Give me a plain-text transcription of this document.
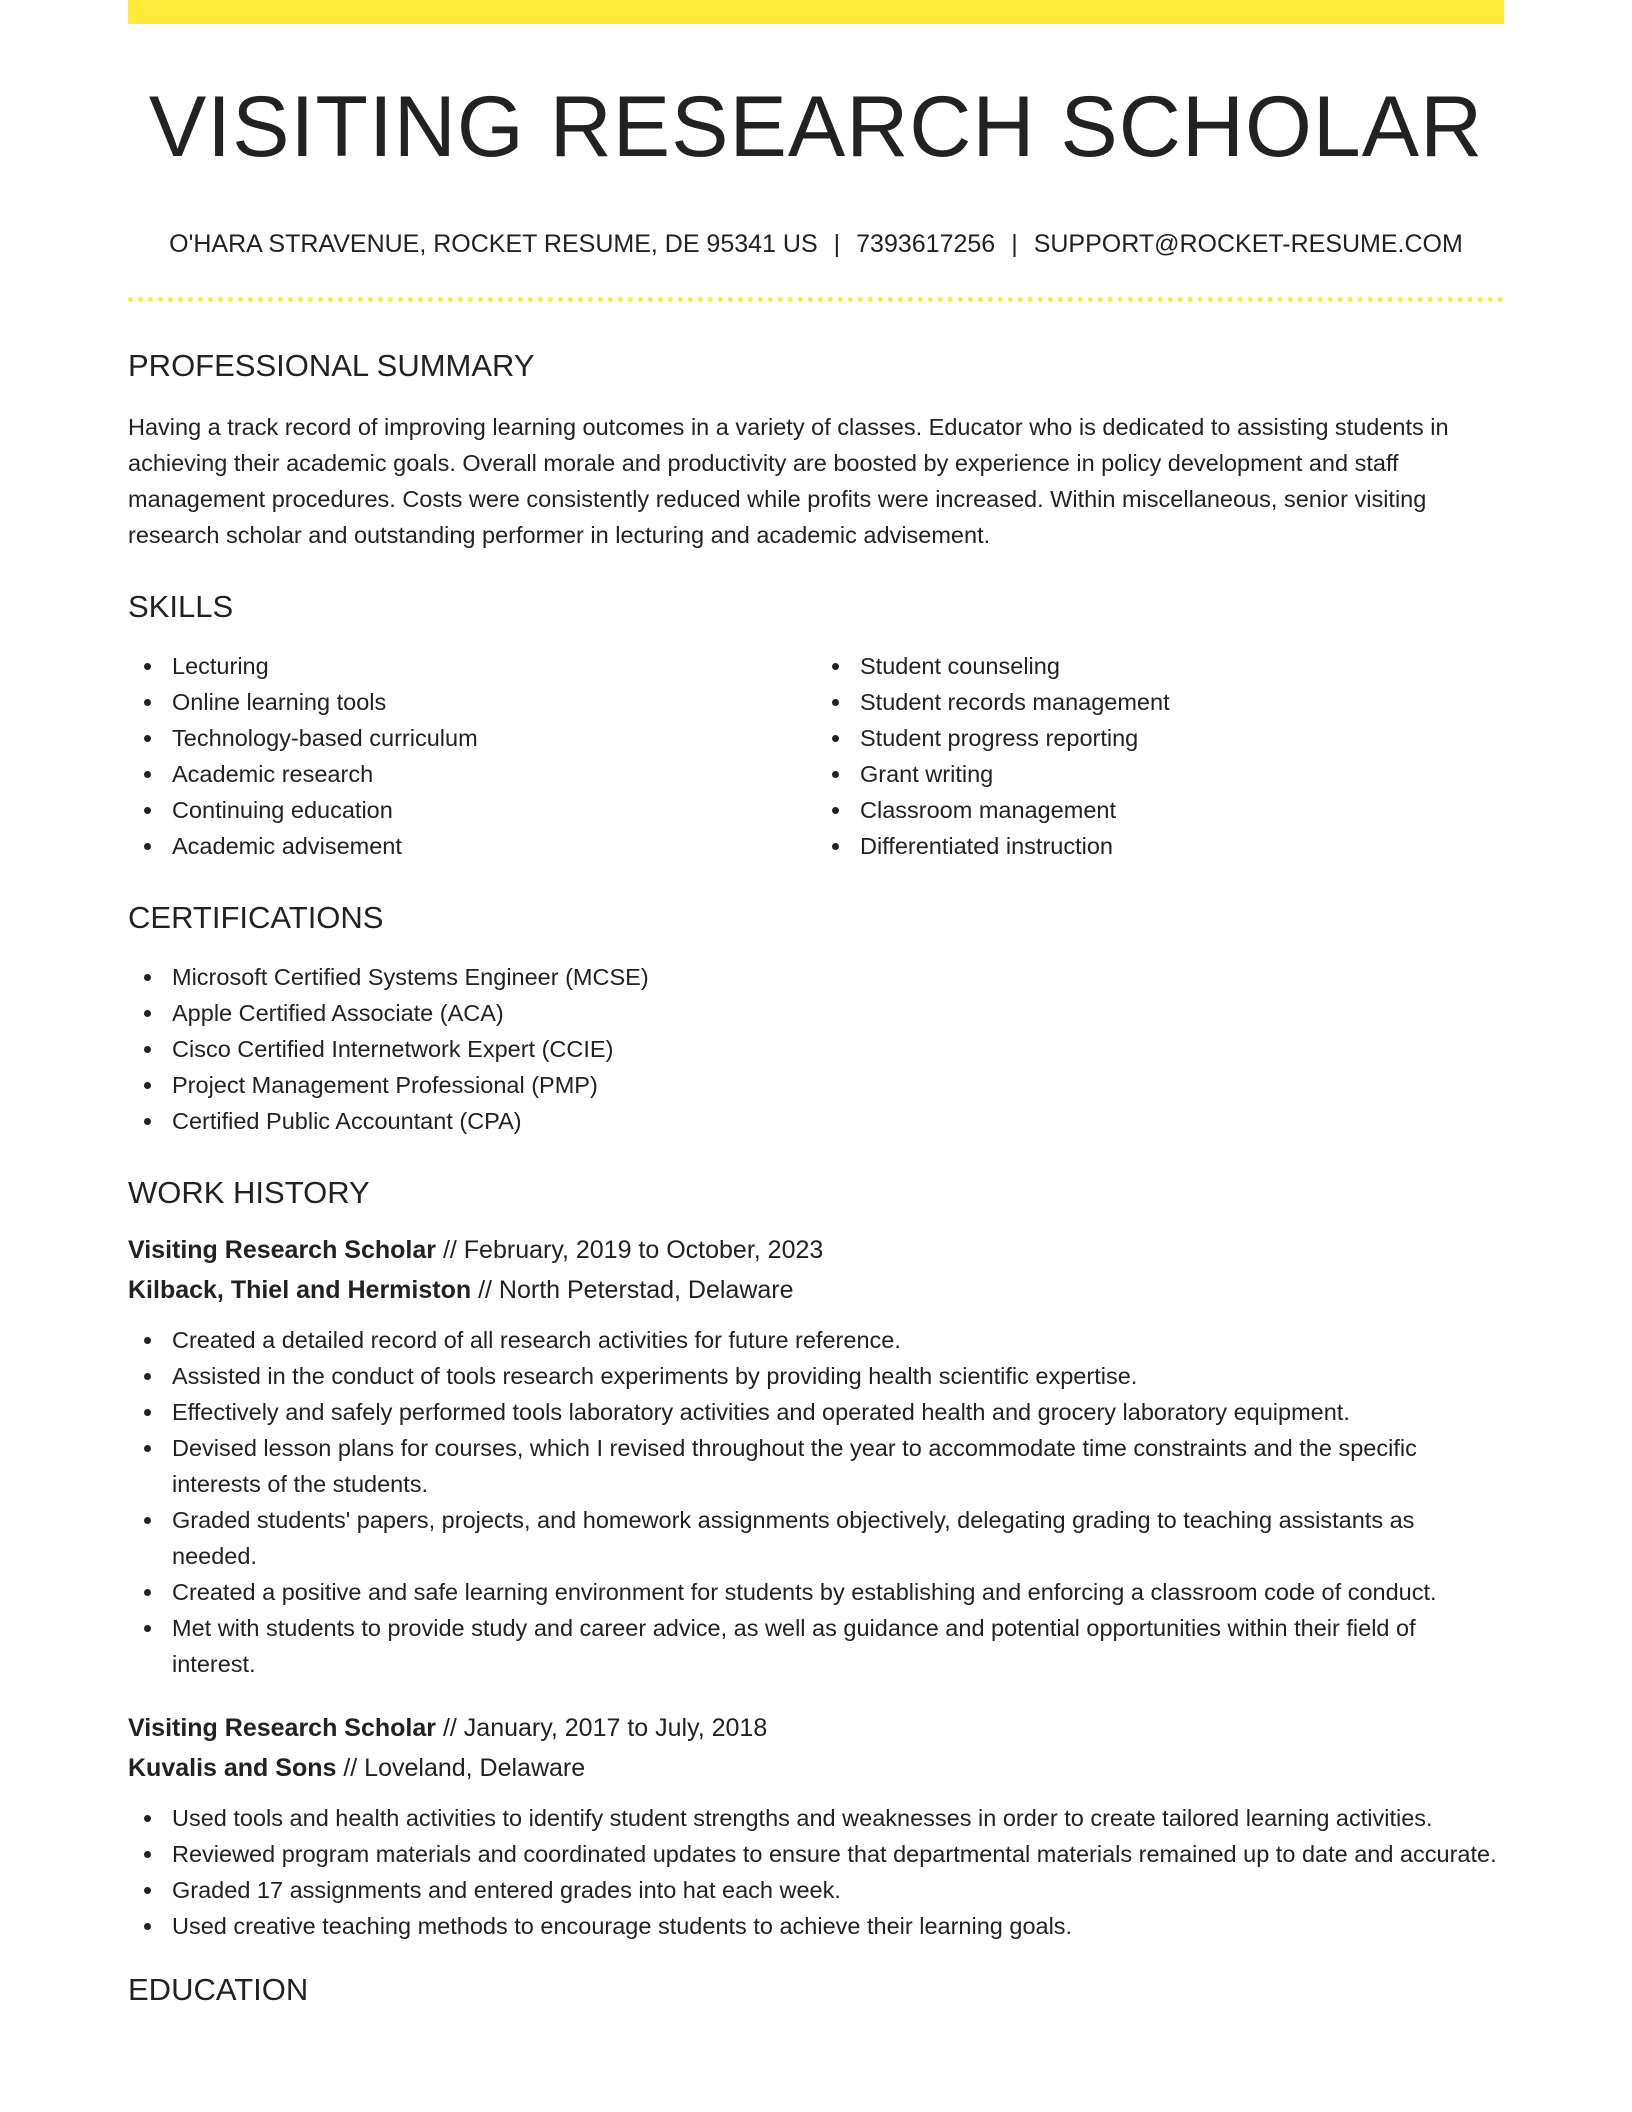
VISITING RESEARCH SCHOLAR
O'HARA STRAVENUE, ROCKET RESUME, DE 95341 US | 7393617256 | SUPPORT@ROCKET-RESUME.COM
PROFESSIONAL SUMMARY

Having a track record of improving learning outcomes in a variety of classes. Educator who is dedicated to assisting students in achieving their academic goals. Overall morale and productivity are boosted by experience in policy development and staff management procedures. Costs were consistently reduced while profits were increased. Within miscellaneous, senior visiting research scholar and outstanding performer in lecturing and academic advisement.

SKILLS
Lecturing
Online learning tools
Technology-based curriculum
Academic research
Continuing education
Academic advisement
Student counseling
Student records management
Student progress reporting
Grant writing
Classroom management
Differentiated instruction
CERTIFICATIONS
Microsoft Certified Systems Engineer (MCSE)
Apple Certified Associate (ACA)
Cisco Certified Internetwork Expert (CCIE)
Project Management Professional (PMP)
Certified Public Accountant (CPA)
WORK HISTORY
Visiting Research Scholar // February, 2019 to October, 2023
Kilback, Thiel and Hermiston // North Peterstad, Delaware
Created a detailed record of all research activities for future reference.
Assisted in the conduct of tools research experiments by providing health scientific expertise.
Effectively and safely performed tools laboratory activities and operated health and grocery laboratory equipment.
Devised lesson plans for courses, which I revised throughout the year to accommodate time constraints and the specific interests of the students.
Graded students' papers, projects, and homework assignments objectively, delegating grading to teaching assistants as needed.
Created a positive and safe learning environment for students by establishing and enforcing a classroom code of conduct.
Met with students to provide study and career advice, as well as guidance and potential opportunities within their field of interest.
Visiting Research Scholar // January, 2017 to July, 2018
Kuvalis and Sons // Loveland, Delaware
Used tools and health activities to identify student strengths and weaknesses in order to create tailored learning activities.
Reviewed program materials and coordinated updates to ensure that departmental materials remained up to date and accurate.
Graded 17 assignments and entered grades into hat each week.
Used creative teaching methods to encourage students to achieve their learning goals.
EDUCATION
